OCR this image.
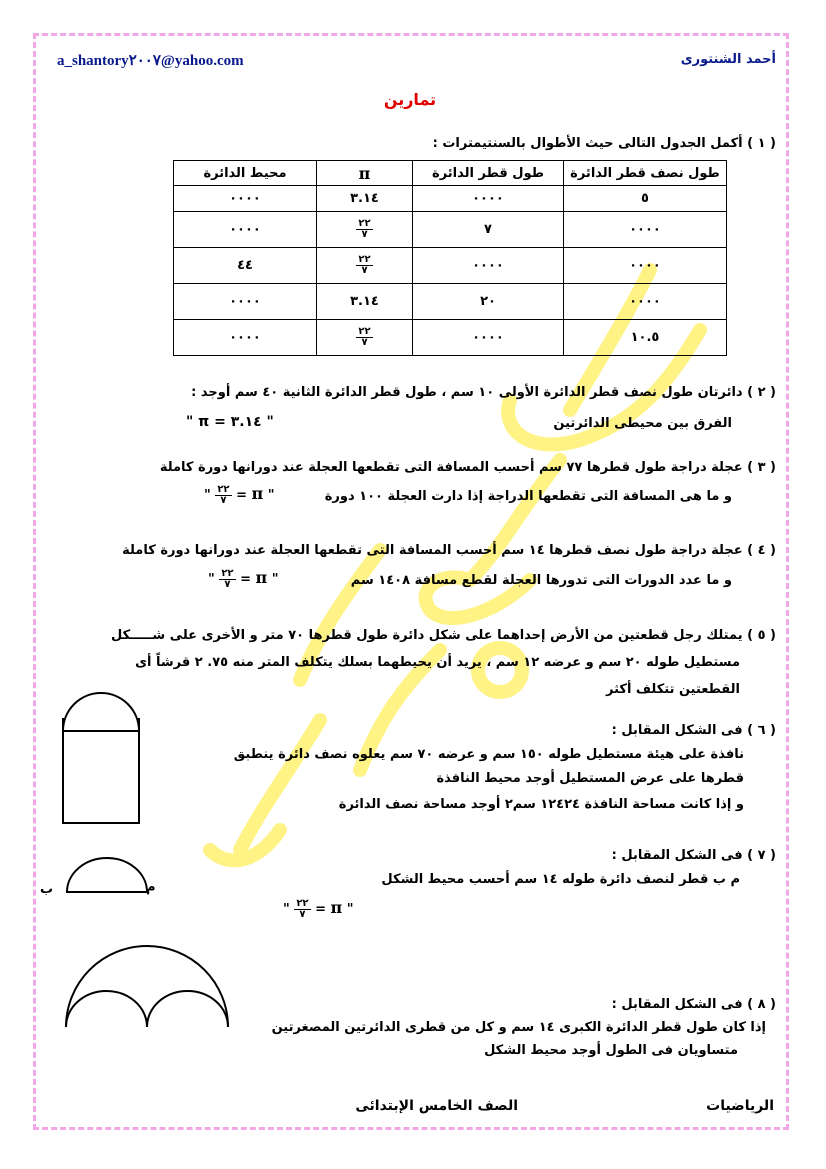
a_shantory٢٠٠٧@yahoo.com	أحمد الشنتورى
تمارين
( ١ ) أكمل الجدول التالى حيث الأطوال بالسنتيمترات :
طول نصف قطر الدائرة	طول قطر الدائرة	π	محيط الدائرة
٥	٠٠٠٠	٣.١٤	٠٠٠٠
٠٠٠٠	٧	$\frac{٢٢}{٧}$	٠٠٠٠
٠٠٠٠	٠٠٠٠	$\frac{٢٢}{٧}$	٤٤
٠٠٠٠	٢٠	٣.١٤	٠٠٠٠
١٠.٥	٠٠٠٠	$\frac{٢٢}{٧}$	٠٠٠٠
( ٢ ) دائرتان طول نصف قطر الدائرة الأولى ١٠ سم ، طول قطر الدائرة الثانية ٤٠ سم أوجد :
الفرق بين محيطى الدائرتين
" π = ٣.١٤ "
( ٣ ) عجلة دراجة طول قطرها ٧٧ سم أحسب المسافة التى تقطعها العجلة عند دورانها دورة كاملة
و ما هى المسافة التى تقطعها الدراجة إذا دارت العجلة ١٠٠ دورة
" $\frac{٢٢}{٧} = \pi$ "
( ٤ ) عجلة دراجة طول نصف قطرها ١٤ سم أحسب المسافة التى تقطعها العجلة عند دورانها دورة كاملة
و ما عدد الدورات التى تدورها العجلة لقطع مسافة ١٤٠٨ سم
" $\frac{٢٢}{٧} = \pi$ "
( ٥ ) يمتلك رجل قطعتين من الأرض إحداهما على شكل دائرة طول قطرها ٧٠ متر و الأخرى على شـــــكل
مستطيل طوله ٢٠ سم و عرضه ١٢ سم ، يريد أن يحيطهما بسلك يتكلف المتر منه ٧٥. ٢ قرشاً أى
القطعتين تتكلف أكثر
( ٦ ) فى الشكل المقابل :
نافذة على هيئة مستطيل طوله ١٥٠ سم و عرضه ٧٠ سم يعلوه نصف دائرة ينطبق
قطرها على عرض المستطيل أوجد محيط النافذة
و إذا كانت مساحة النافذة ١٢٤٢٤ سم٢ أوجد مساحة نصف الدائرة
ب	م
( ٧ ) فى الشكل المقابل :
م ب قطر لنصف دائرة طوله ١٤ سم أحسب محيط الشكل
" $\frac{٢٢}{٧} = \pi$ "
( ٨ ) فى الشكل المقابل :
إذا كان طول قطر الدائرة الكبرى ١٤ سم و كل من قطرى الدائرتين المصغرتين
متساويان فى الطول أوجد محيط الشكل
الرياضيات
الصف الخامس الإبتدائى
